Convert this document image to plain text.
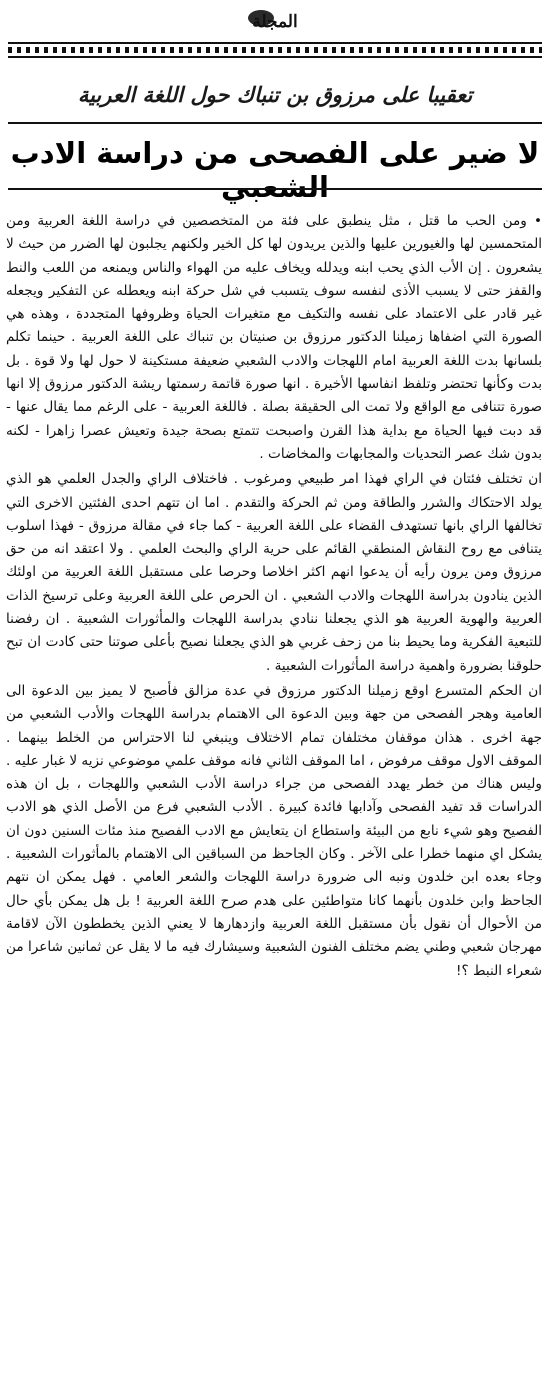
المجلة
تعقيبا على مرزوق بن تنباك حول اللغة العربية
لا ضير على الفصحى من دراسة الادب الشعبي

• ومن الحب ما قتل ، مثل ينطبق على فئة من المتخصصين في دراسة اللغة العربية ومن المتحمسين لها والغيورين عليها والذين يريدون لها كل الخير ولكنهم يجلبون لها الضرر من حيث لا يشعرون . إن الأب الذي يحب ابنه ويدلله ويخاف عليه من الهواء والناس ويمنعه من اللعب والنط والقفز حتى لا يسبب الأذى لنفسه سوف يتسبب في شل حركة ابنه ويعطله عن التفكير ويجعله غير قادر على الاعتماد على نفسه والتكيف مع متغيرات الحياة وظروفها المتجددة ، وهذه هي الصورة التي اضفاها زميلنا الدكتور مرزوق بن صنيتان بن تنباك على اللغة العربية . حينما تكلم بلسانها بدت اللغة العربية امام اللهجات والادب الشعبي ضعيفة مستكينة لا حول لها ولا قوة . بل بدت وكأنها تحتضر وتلفظ انفاسها الأخيرة . انها صورة قاتمة رسمتها ريشة الدكتور مرزوق إلا انها صورة تتنافى مع الواقع ولا تمت الى الحقيقة بصلة . فاللغة العربية - على الرغم مما يقال عنها - قد دبت فيها الحياة مع بداية هذا القرن واصبحت تتمتع بصحة جيدة وتعيش عصرا زاهرا - لكنه بدون شك عصر التحديات والمجابهات والمخاضات .

ان تختلف فئتان في الراي فهذا امر طبيعي ومرغوب . فاختلاف الراي والجدل العلمي هو الذي يولد الاحتكاك والشرر والطاقة ومن ثم الحركة والتقدم . اما ان تتهم احدى الفئتين الاخرى التي تخالفها الراي بانها تستهدف القضاء على اللغة العربية - كما جاء في مقالة مرزوق - فهذا اسلوب يتنافى مع روح النقاش المنطقي القائم على حرية الراي والبحث العلمي . ولا اعتقد انه من حق مرزوق ومن يرون رأيه أن يدعوا انهم اكثر اخلاصا وحرصا على مستقبل اللغة العربية من اولئك الذين ينادون بدراسة اللهجات والادب الشعبي . ان الحرص على اللغة العربية وعلى ترسيخ الذات العربية والهوية العربية هو الذي يجعلنا ننادي بدراسة اللهجات والمأثورات الشعبية . ان رفضنا للتبعية الفكرية وما يحيط بنا من زحف غربي هو الذي يجعلنا نصيح بأعلى صوتنا حتى كادت ان تبح حلوقنا بضرورة واهمية دراسة المأثورات الشعبية .

ان الحكم المتسرع اوقع زميلنا الدكتور مرزوق في عدة مزالق فأصبح لا يميز بين الدعوة الى العامية وهجر الفصحى من جهة وبين الدعوة الى الاهتمام بدراسة اللهجات والأدب الشعبي من جهة اخرى . هذان موقفان مختلفان تمام الاختلاف وينبغي لنا الاحتراس من الخلط بينهما . الموقف الاول موقف مرفوض ، اما الموقف الثاني فانه موقف علمي موضوعي نزيه لا غبار عليه . وليس هناك من خطر يهدد الفصحى من جراء دراسة الأدب الشعبي واللهجات ، بل ان هذه الدراسات قد تفيد الفصحى وآدابها فائدة كبيرة . الأدب الشعبي فرع من الأصل الذي هو الادب الفصيح وهو شيء نابع من البيئة واستطاع ان يتعايش مع الادب الفصيح منذ مئات السنين دون ان يشكل اي منهما خطرا على الآخر . وكان الجاحظ من السباقين الى الاهتمام بالمأثورات الشعبية . وجاء بعده ابن خلدون ونبه الى ضرورة دراسة اللهجات والشعر العامي . فهل يمكن ان نتهم الجاحظ وابن خلدون بأنهما كانا متواطئين على هدم صرح اللغة العربية ! بل هل يمكن بأي حال من الأحوال أن نقول بأن مستقبل اللغة العربية وازدهارها لا يعني الذين يخططون الآن لاقامة مهرجان شعبي وطني يضم مختلف الفنون الشعبية وسيشارك فيه ما لا يقل عن ثمانين شاعرا من شعراء النبط ؟!
